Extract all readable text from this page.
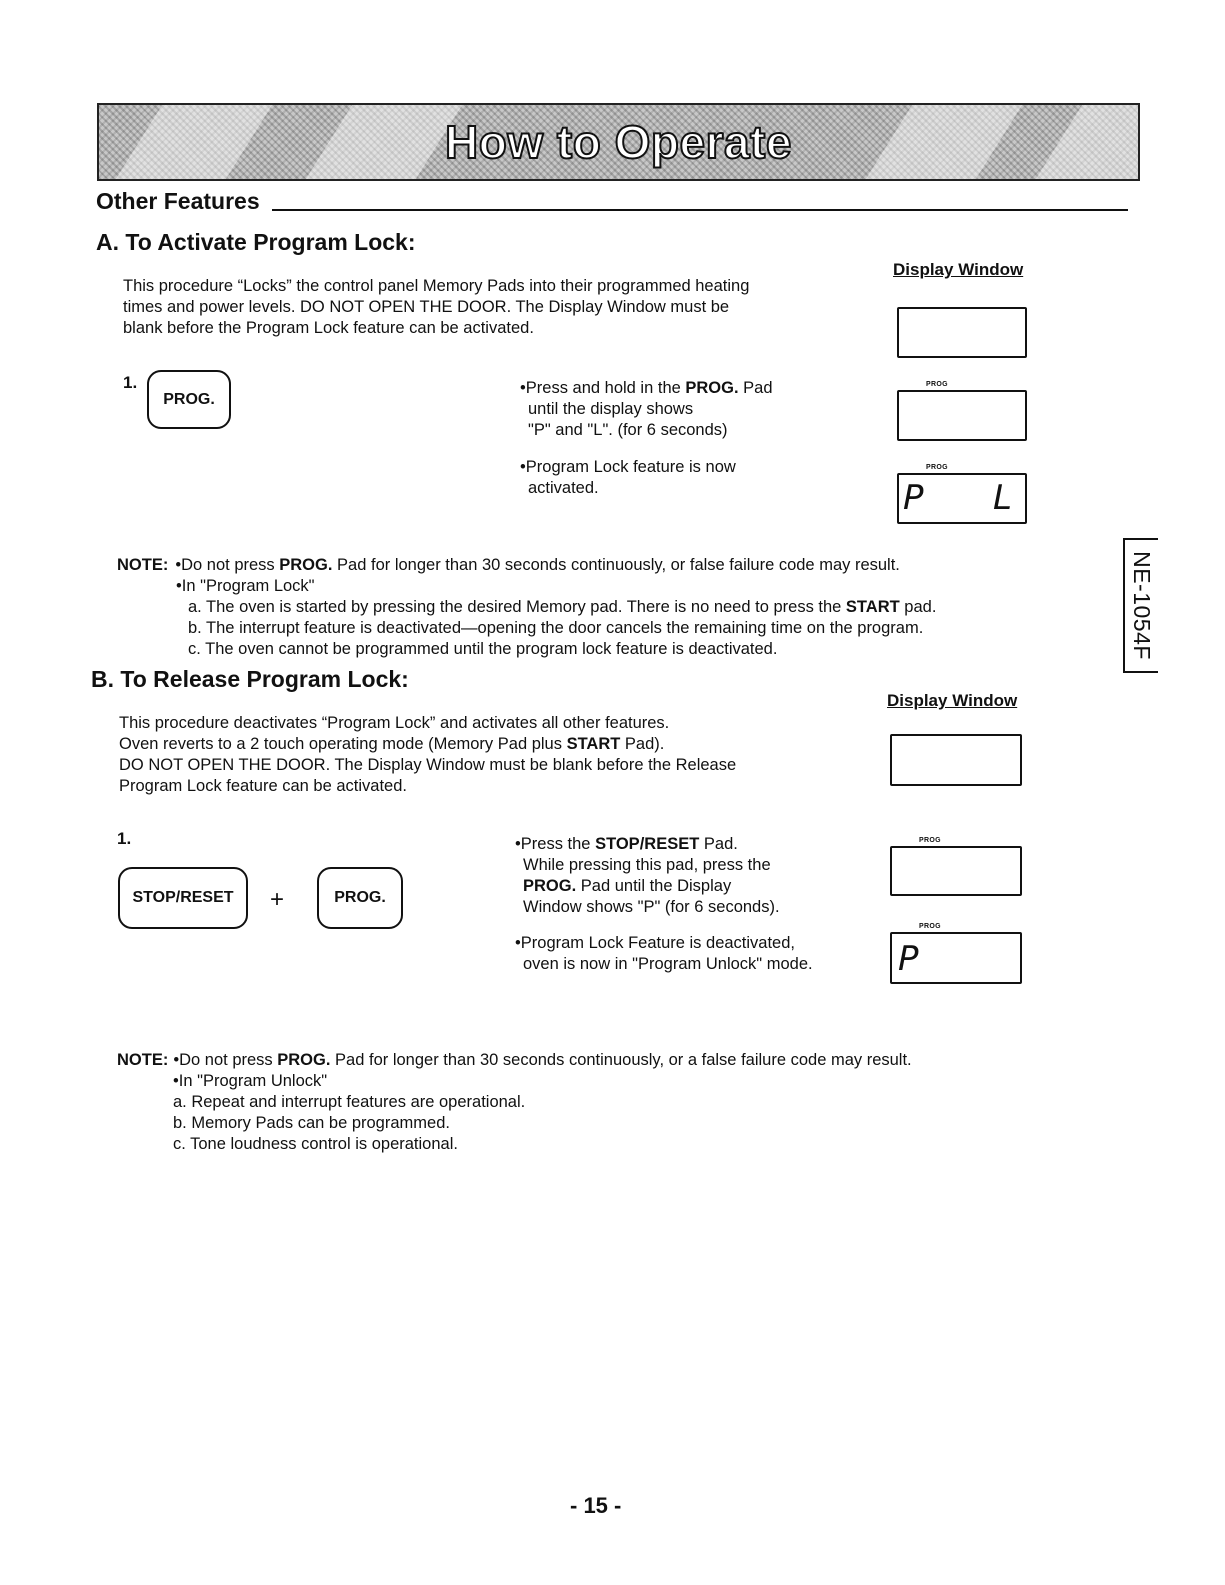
How to Operate
Other Features
NE-1054F
A. To Activate Program Lock:
Display Window
This procedure “Locks” the control panel Memory Pads into their programmed heating
times and power levels. DO NOT OPEN THE DOOR. The Display Window must be
blank before the Program Lock feature can be activated.
1.
PROG.
•Press and hold in the PROG. Pad
until the display shows
"P" and "L". (for 6 seconds)
PROG
•Program Lock feature is now
activated.
PROG
P L
NOTE: •Do not press PROG. Pad for longer than 30 seconds continuously, or false failure code may result.
•In "Program Lock"
a. The oven is started by pressing the desired Memory pad. There is no need to press the START pad.
b. The interrupt feature is deactivated—opening the door cancels the remaining time on the program.
c. The oven cannot be programmed until the program lock feature is deactivated.
B. To Release Program Lock:
Display Window
This procedure deactivates “Program Lock” and activates all other features.
Oven reverts to a 2 touch operating mode (Memory Pad plus START Pad).
DO NOT OPEN THE DOOR. The Display Window must be blank before the Release
Program Lock feature can be activated.
1.
STOP/RESET +	PROG.
•Press the STOP/RESET Pad.
While pressing this pad, press the
PROG. Pad until the Display
Window shows "P" (for 6 seconds).
PROG
•Program Lock Feature is deactivated,
oven is now in "Program Unlock" mode.
PROG
P
NOTE: •Do not press PROG. Pad for longer than 30 seconds continuously, or a false failure code may result.
•In "Program Unlock"
a. Repeat and interrupt features are operational.
b. Memory Pads can be programmed.
c. Tone loudness control is operational.
- 15 -
